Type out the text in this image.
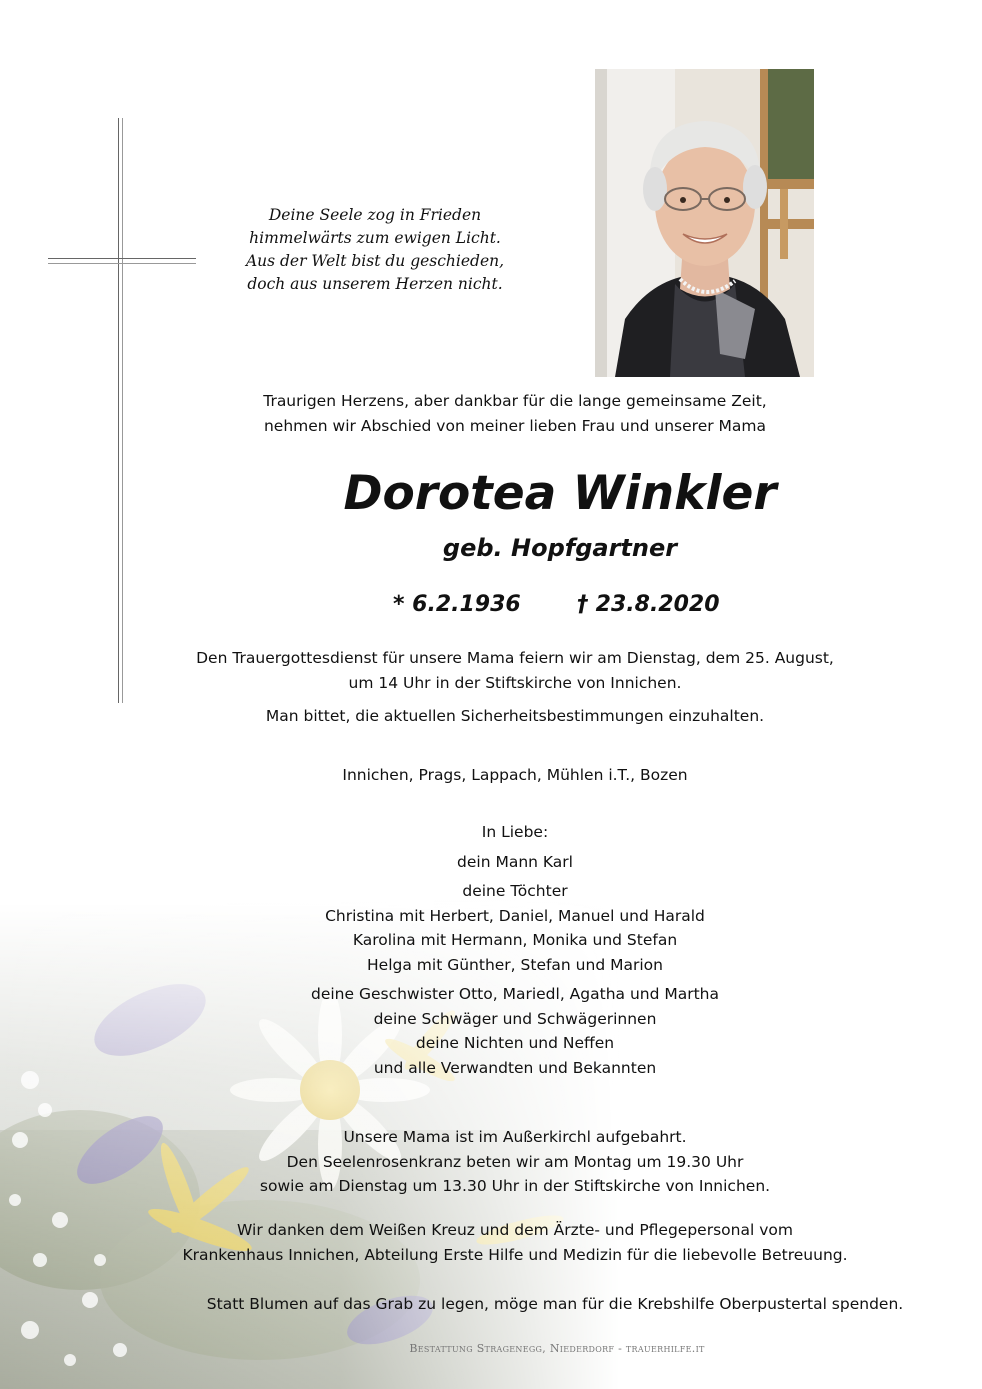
Deine Seele zog in Frieden
himmelwärts zum ewigen Licht.
Aus der Welt bist du geschieden,
doch aus unserem Herzen nicht.
Traurigen Herzens, aber dankbar für die lange gemeinsame Zeit,
nehmen wir Abschied von meiner lieben Frau und unserer Mama
Dorotea Winkler
geb. Hopfgartner
* 6.2.1936	† 23.8.2020
Den Trauergottesdienst für unsere Mama feiern wir am Dienstag, dem 25. August,
um 14 Uhr in der Stiftskirche von Innichen.
Man bittet, die aktuellen Sicherheitsbestimmungen einzuhalten.
Innichen, Prags, Lappach, Mühlen i.T., Bozen
In Liebe:
dein Mann Karl
deine Töchter
Christina mit Herbert, Daniel, Manuel und Harald
Karolina mit Hermann, Monika und Stefan
Helga mit Günther, Stefan und Marion
deine Geschwister Otto, Mariedl, Agatha und Martha
deine Schwäger und Schwägerinnen
deine Nichten und Neffen
und alle Verwandten und Bekannten
Unsere Mama ist im Außerkirchl aufgebahrt.
Den Seelenrosenkranz beten wir am Montag um 19.30 Uhr
sowie am Dienstag um 13.30 Uhr in der Stiftskirche von Innichen.
Wir danken dem Weißen Kreuz und dem Ärzte- und Pflegepersonal vom
Krankenhaus Innichen, Abteilung Erste Hilfe und Medizin für die liebevolle Betreuung.
Statt Blumen auf das Grab zu legen, möge man für die Krebshilfe Oberpustertal spenden.
Bestattung Stragenegg, Niederdorf - trauerhilfe.it
